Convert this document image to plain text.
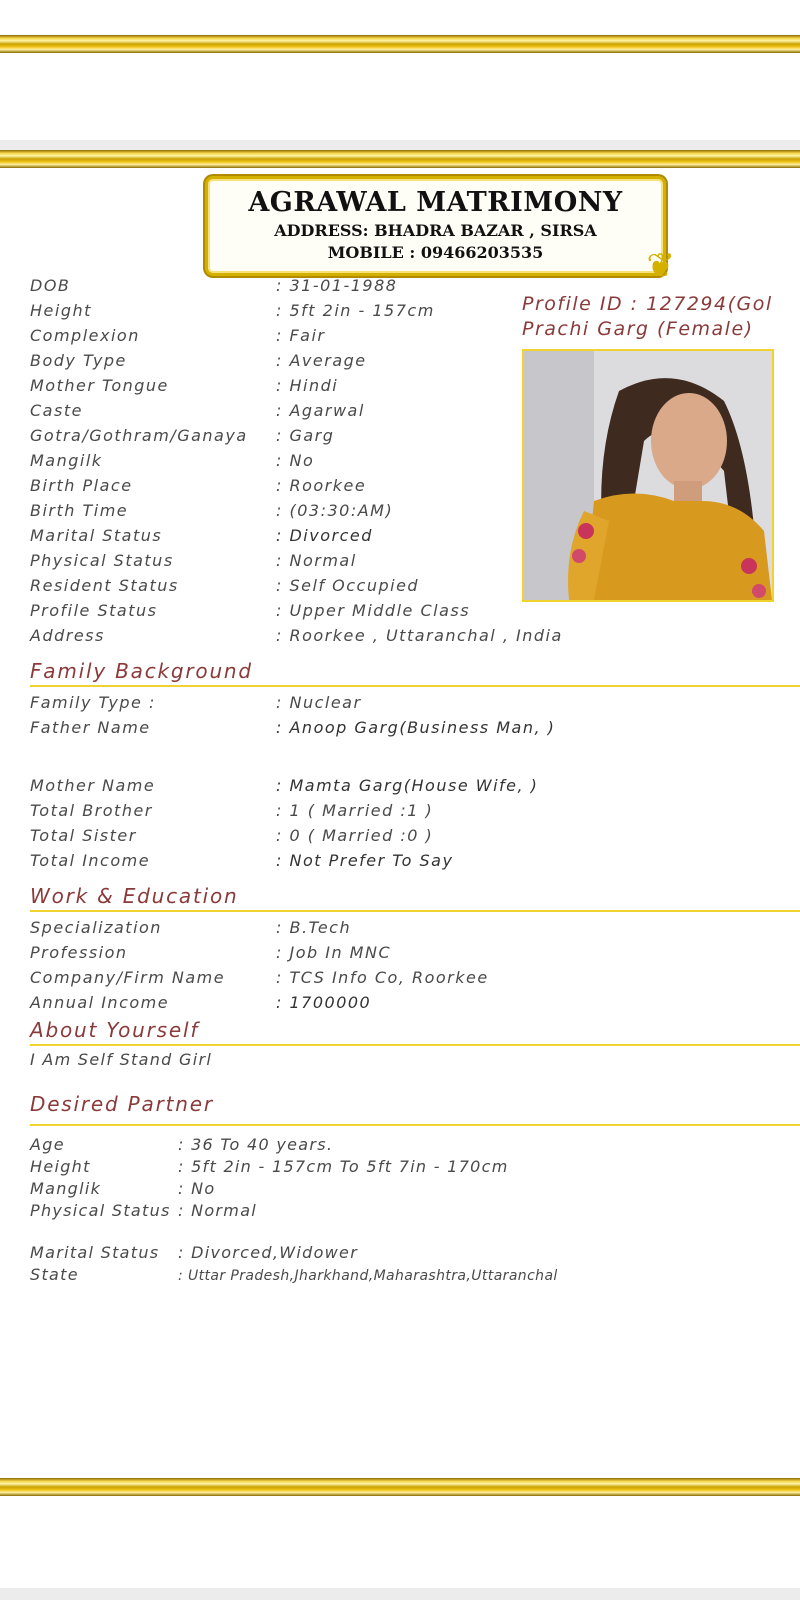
AGRAWAL MATRIMONY
ADDRESS: BHADRA BAZAR , SIRSA
MOBILE : 09466203535	❦
Profile ID : 127294(Gol
Prachi Garg (Female)
DOB	: 31-01-1988
Height	: 5ft 2in - 157cm
Complexion	: Fair
Body Type	: Average
Mother Tongue	: Hindi
Caste	: Agarwal
Gotra/Gothram/Ganaya : Garg
Mangilk	: No
Birth Place	: Roorkee
Birth Time	: (03:30:AM)
Marital Status	: Divorced
Physical Status	: Normal
Resident Status	: Self Occupied
Profile Status	: Upper Middle Class
Address	: Roorkee , Uttaranchal , India
Family Background
Family Type :	: Nuclear
Father Name	: Anoop Garg(Business Man, )
Mother Name	: Mamta Garg(House Wife, )
Total Brother	: 1 ( Married :1 )
Total Sister	: 0 ( Married :0 )
Total Income	: Not Prefer To Say
Work & Education
Specialization	: B.Tech
Profession	: Job In MNC
Company/Firm Name	: TCS Info Co, Roorkee
Annual Income	: 1700000
About Yourself
I Am Self Stand Girl
Desired Partner
Age	: 36 To 40 years.
Height	: 5ft 2in - 157cm To 5ft 7in - 170cm
Manglik	: No
Physical Status : Normal
Marital Status : Divorced,Widower
State	: Uttar Pradesh,Jharkhand,Maharashtra,Uttaranchal
